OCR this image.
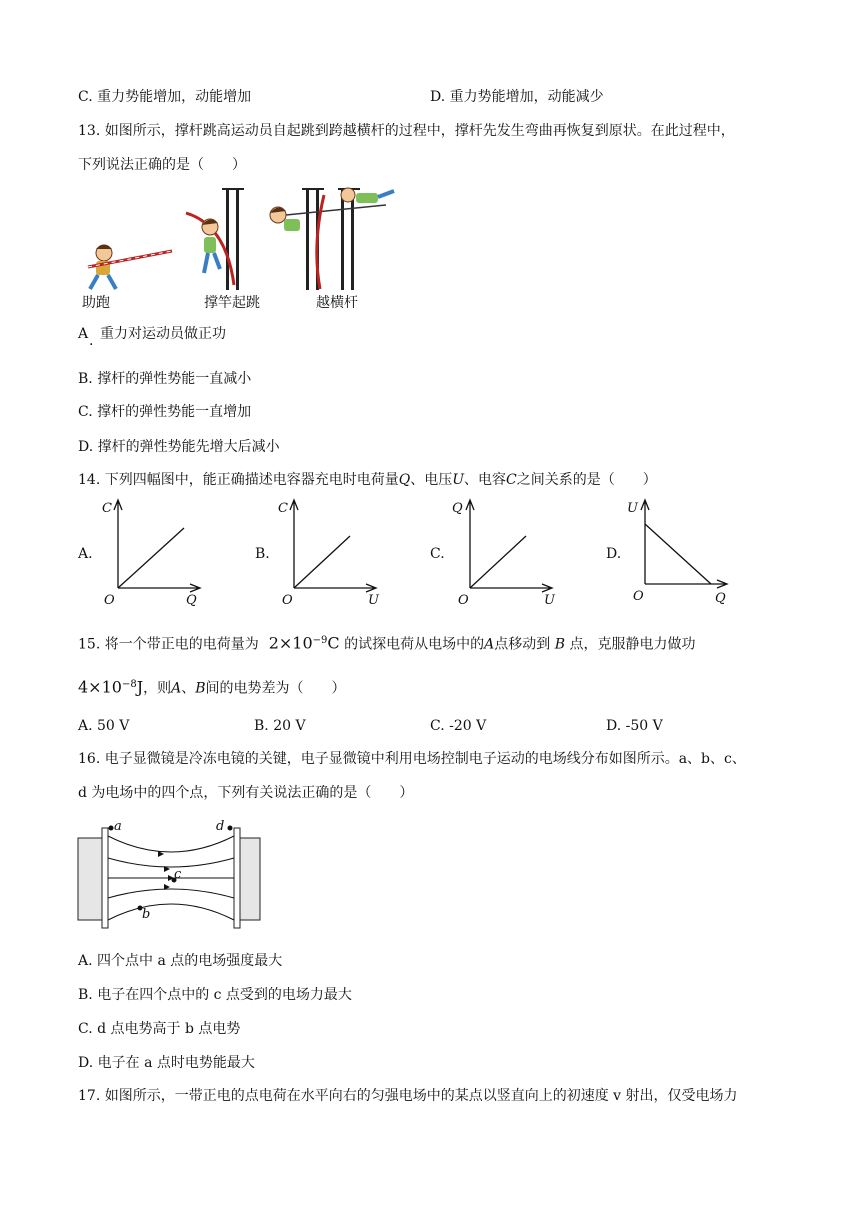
C. 重力势能增加，动能增加	D. 重力势能增加，动能减少
13. 如图所示，撑杆跳高运动员自起跳到跨越横杆的过程中，撑杆先发生弯曲再恢复到原状。在此过程中，
下列说法正确的是（　　）
助跑	撑竿起跳	越横杆
A
·
重力对运动员做正功
B. 撑杆的弹性势能一直减小
C. 撑杆的弹性势能一直增加
D. 撑杆的弹性势能先增大后减小
14. 下列四幅图中，能正确描述电容器充电时电荷量Q、电压U、电容C之间关系的是（　　）
A.
C
Q
O
B.
C
U
O
C.
Q
U
O
D.
U
Q
O
15. 将一个带正电的电荷量为 $2\times 10^{-9}C$ 的试探电荷从电场中的A点移动到 B 点，克服静电力做功
$4\times 10^{-8}J$，则A、B间的电势差为（　　）
A. 50 V	B. 20 V	C. -20 V	D. -50 V
16. 电子显微镜是冷冻电镜的关键，电子显微镜中利用电场控制电子运动的电场线分布如图所示。a、b、c、
d 为电场中的四个点，下列有关说法正确的是（　　）
a
b
c
d
A. 四个点中 a 点的电场强度最大
B. 电子在四个点中的 c 点受到的电场力最大
C. d 点电势高于 b 点电势
D. 电子在 a 点时电势能最大
17. 如图所示，一带正电的点电荷在水平向右的匀强电场中的某点以竖直向上的初速度 v 射出，仅受电场力
